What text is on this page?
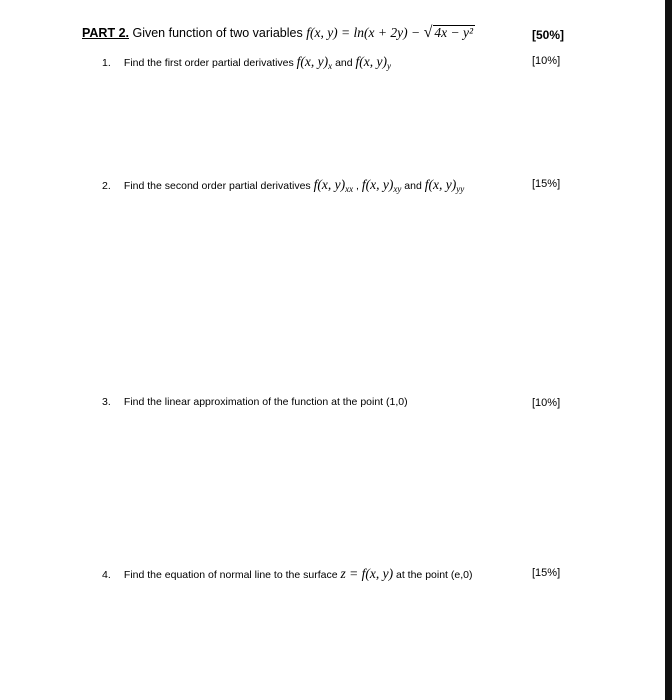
PART 2. Given function of two variables f(x, y) = ln(x + 2y) − √ 4x − y²	[50%]
1. Find the first order partial derivatives f(x, y)x and f(x, y)y	[10%]
2. Find the second order partial derivatives f(x, y)xx , f(x, y)xy and f(x, y)yy	[15%]
3. Find the linear approximation of the function at the point (1,0)	[10%]
4. Find the equation of normal line to the surface z = f(x, y) at the point (e,0)	[15%]
